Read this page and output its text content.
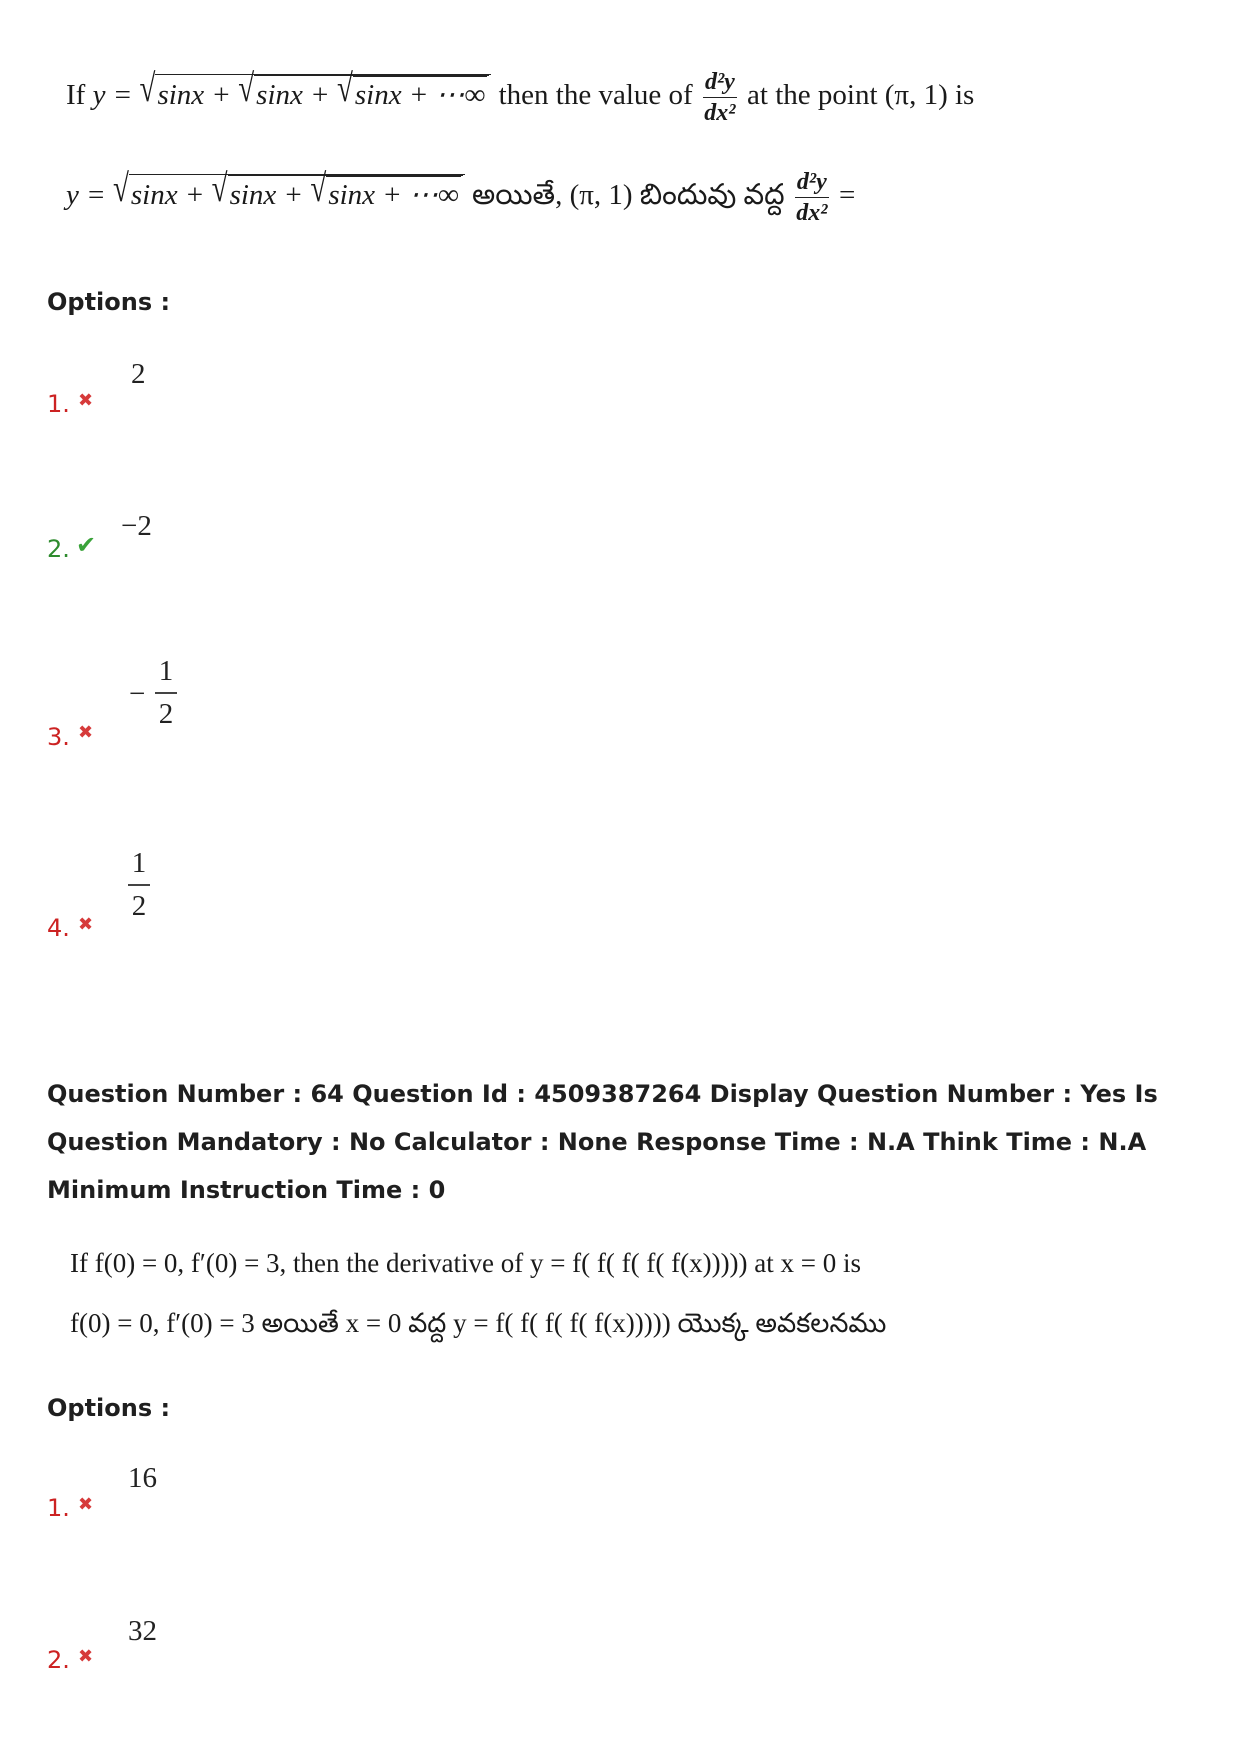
If y = √sinx + √sinx + √sinx + ⋯∞ then the value of $\frac{\text{d²y}}{\text{dx²}}$ at the point (π, 1) is
y = √sinx + √sinx + √sinx + ⋯∞ అయితే, (π, 1) బిందువు వద్ద $\frac{\text{d²y}}{\text{dx²}}$ =
Options :
1. ✖
2
2. ✔
−2
3. ✖
−
1
2
4. ✖
1
2
Question Number : 64 Question Id : 4509387264 Display Question Number : Yes Is Question Mandatory : No Calculator : None Response Time : N.A Think Time : N.A Minimum Instruction Time : 0
If f(0) = 0, f′(0) = 3, then the derivative of y = f( f( f( f( f(x))))) at x = 0 is
f(0) = 0, f′(0) = 3 అయితే x = 0 వద్ద y = f( f( f( f( f(x))))) యొక్క అవకలనము
Options :
1. ✖
16
2. ✖
32
